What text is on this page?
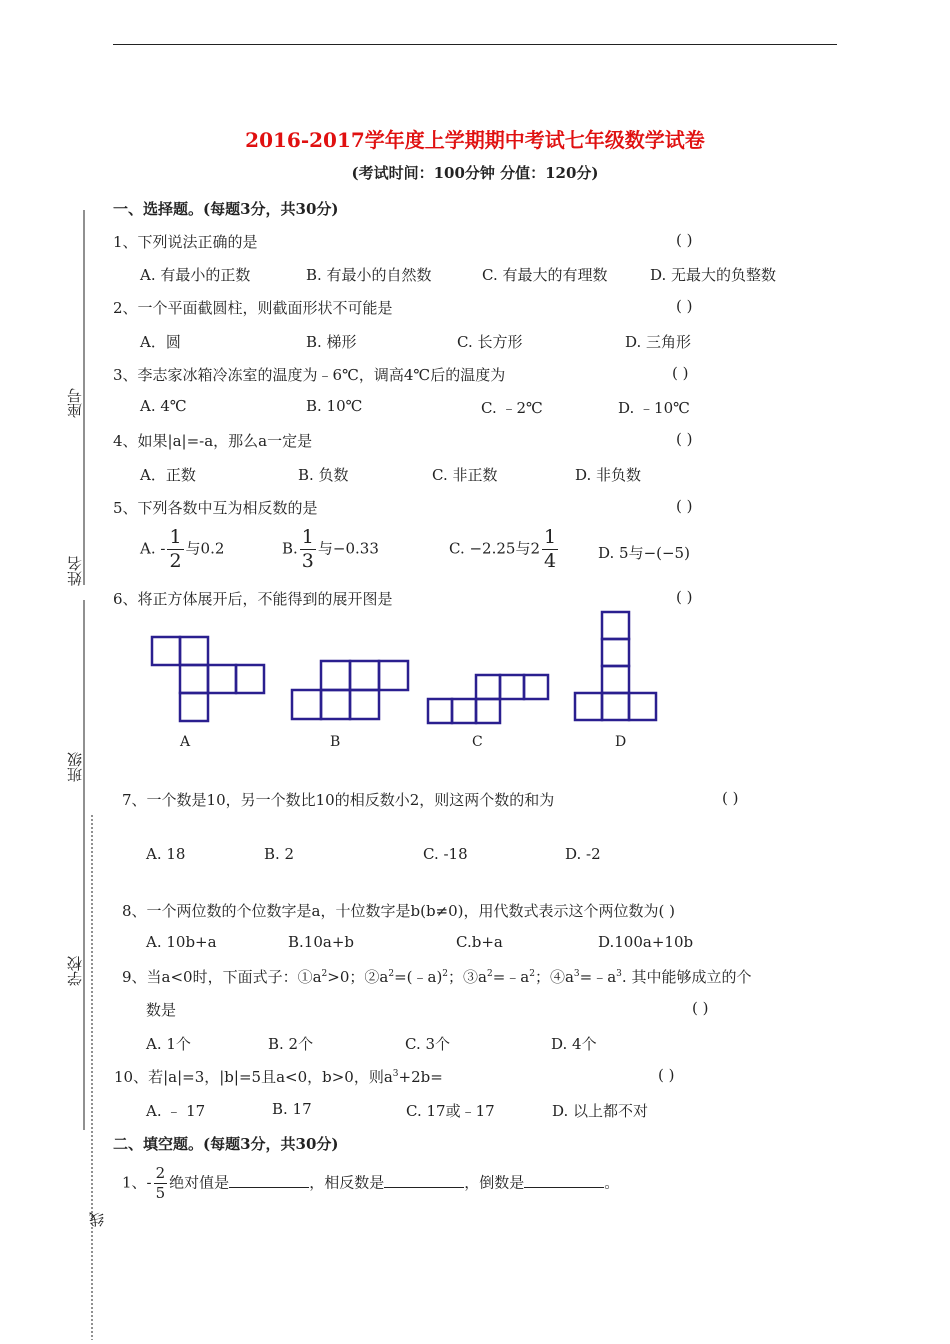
2016-2017学年度上学期期中考试七年级数学试卷
(考试时间：100分钟 分值：120分)
座号
姓名
班级
学校
线
一、选择题。(每题3分，共30分)
1、下列说法正确的是	( )
A. 有最小的正数	B. 有最小的自然数	C. 有最大的有理数	D. 无最大的负整数
2、一个平面截圆柱，则截面形状不可能是	( )
A．圆	B. 梯形	C. 长方形	D. 三角形
3、李志家冰箱冷冻室的温度为﹣6℃，调高4℃后的温度为	( )
A. 4℃	B. 10℃	C. ﹣2℃	D. ﹣10℃
4、如果|a|=-a，那么a一定是	( )
A．正数	B. 负数	C. 非正数	D. 非负数
5、下列各数中互为相反数的是	( )
A. - $\frac{1}{2}$ 与0.2	B. $\frac{1}{3}$ 与−0.33	C. −2.25与$2 \frac{1}{4}$	D. 5与−(−5)
6、将正方体展开后，不能得到的展开图是	( )
A	B	C	D
7、一个数是10，另一个数比10的相反数小2，则这两个数的和为	( )
A. 18	B. 2	C. -18	D. -2
8、一个两位数的个位数字是a，十位数字是b(b≠0)，用代数式表示这个两位数为( )
A. 10b+a	B.10a+b	C.b+a	D.100a+10b
9、当a<0时，下面式子：$①a^2>0$；$②a^2=(﹣a)^2$；$③a^2=﹣a^2$；$④a^3=﹣a^3$. 其中能够成立的个
数是	( )
A. 1个	B. 2个	C. 3个	D. 4个
10、若|a|=3，|b|=5且a<0，b>0，则$a^3+2b=$	( )
A. ﹣ 17	B. 17	C. 17或﹣17	D. 以上都不对
二、填空题。(每题3分，共30分)
1、- $\frac{2}{5}$ 绝对值是	，相反数是	，倒数是	。
